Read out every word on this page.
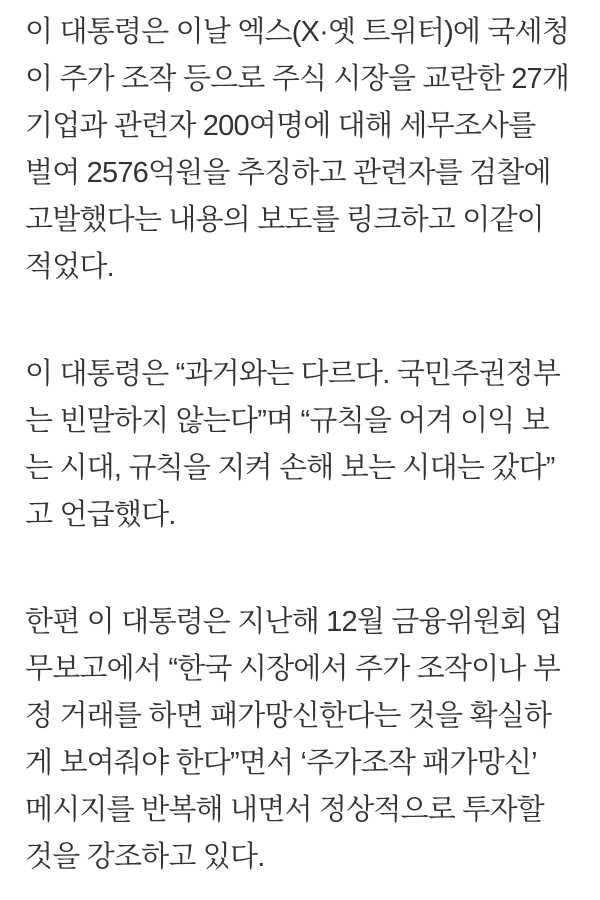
이 대통령은 이날 엑스(X·옛 트위터)에 국세청
이 주가 조작 등으로 주식 시장을 교란한 27개
기업과 관련자 200여명에 대해 세무조사를
벌여 2576억원을 추징하고 관련자를 검찰에
고발했다는 내용의 보도를 링크하고 이같이
적었다.

이 대통령은 “과거와는 다르다. 국민주권정부
는 빈말하지 않는다”며 “규칙을 어겨 이익 보
는 시대, 규칙을 지켜 손해 보는 시대는 갔다”
고 언급했다.

한편 이 대통령은 지난해 12월 금융위원회 업
무보고에서 “한국 시장에서 주가 조작이나 부
정 거래를 하면 패가망신한다는 것을 확실하
게 보여줘야 한다”면서 ‘주가조작 패가망신’
메시지를 반복해 내면서 정상적으로 투자할
것을 강조하고 있다.
